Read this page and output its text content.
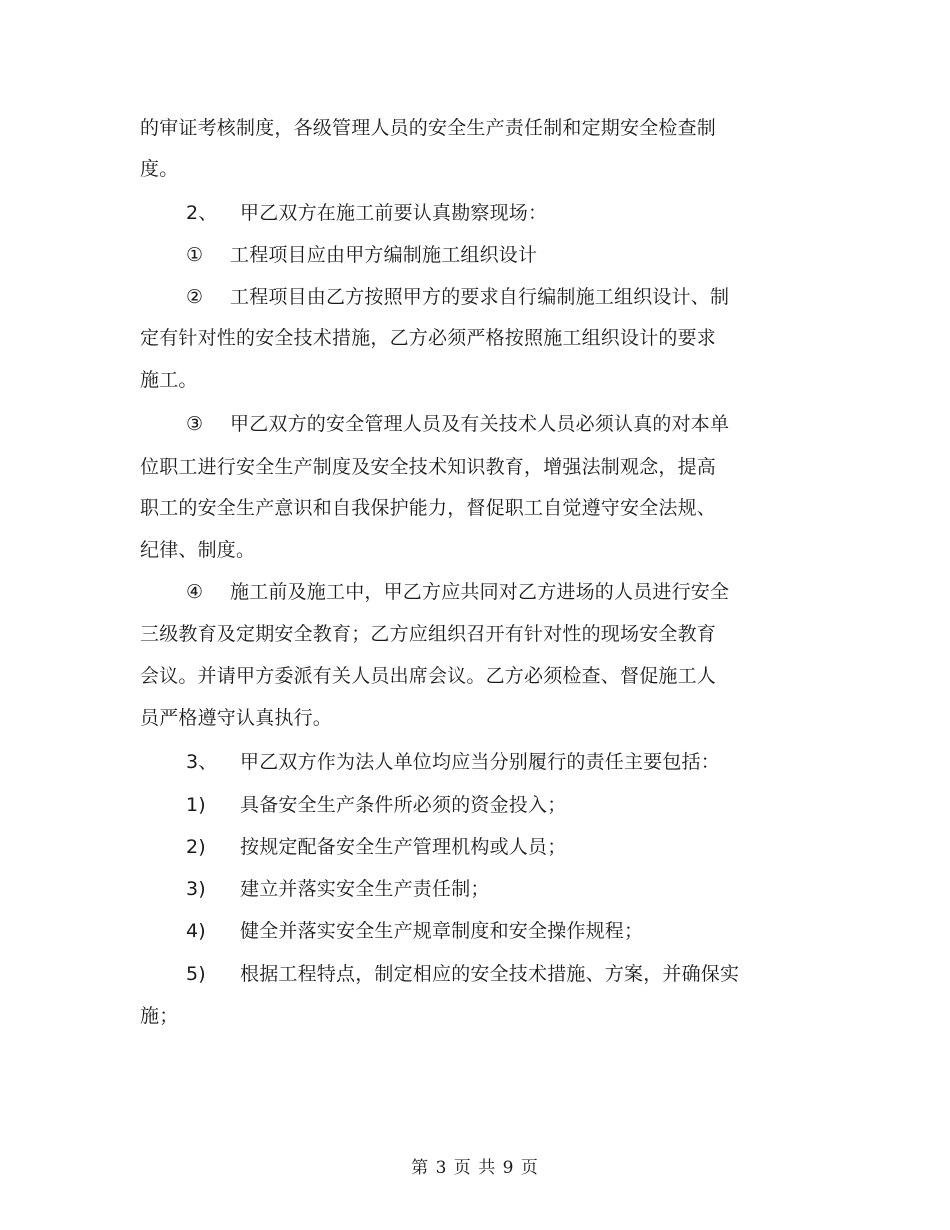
的审证考核制度，各级管理人员的安全生产责任制和定期安全检查制
度。
2、 甲乙双方在施工前要认真勘察现场：
① 工程项目应由甲方编制施工组织设计
② 工程项目由乙方按照甲方的要求自行编制施工组织设计、制
定有针对性的安全技术措施，乙方必须严格按照施工组织设计的要求
施工。
③ 甲乙双方的安全管理人员及有关技术人员必须认真的对本单
位职工进行安全生产制度及安全技术知识教育，增强法制观念，提高
职工的安全生产意识和自我保护能力，督促职工自觉遵守安全法规、
纪律、制度。
④ 施工前及施工中，甲乙方应共同对乙方进场的人员进行安全
三级教育及定期安全教育；乙方应组织召开有针对性的现场安全教育
会议。并请甲方委派有关人员出席会议。乙方必须检查、督促施工人
员严格遵守认真执行。
3、 甲乙双方作为法人单位均应当分别履行的责任主要包括：
1) 具备安全生产条件所必须的资金投入；
2) 按规定配备安全生产管理机构或人员；
3) 建立并落实安全生产责任制；
4) 健全并落实安全生产规章制度和安全操作规程；
5) 根据工程特点，制定相应的安全技术措施、方案，并确保实
施；
第 3 页 共 9 页
